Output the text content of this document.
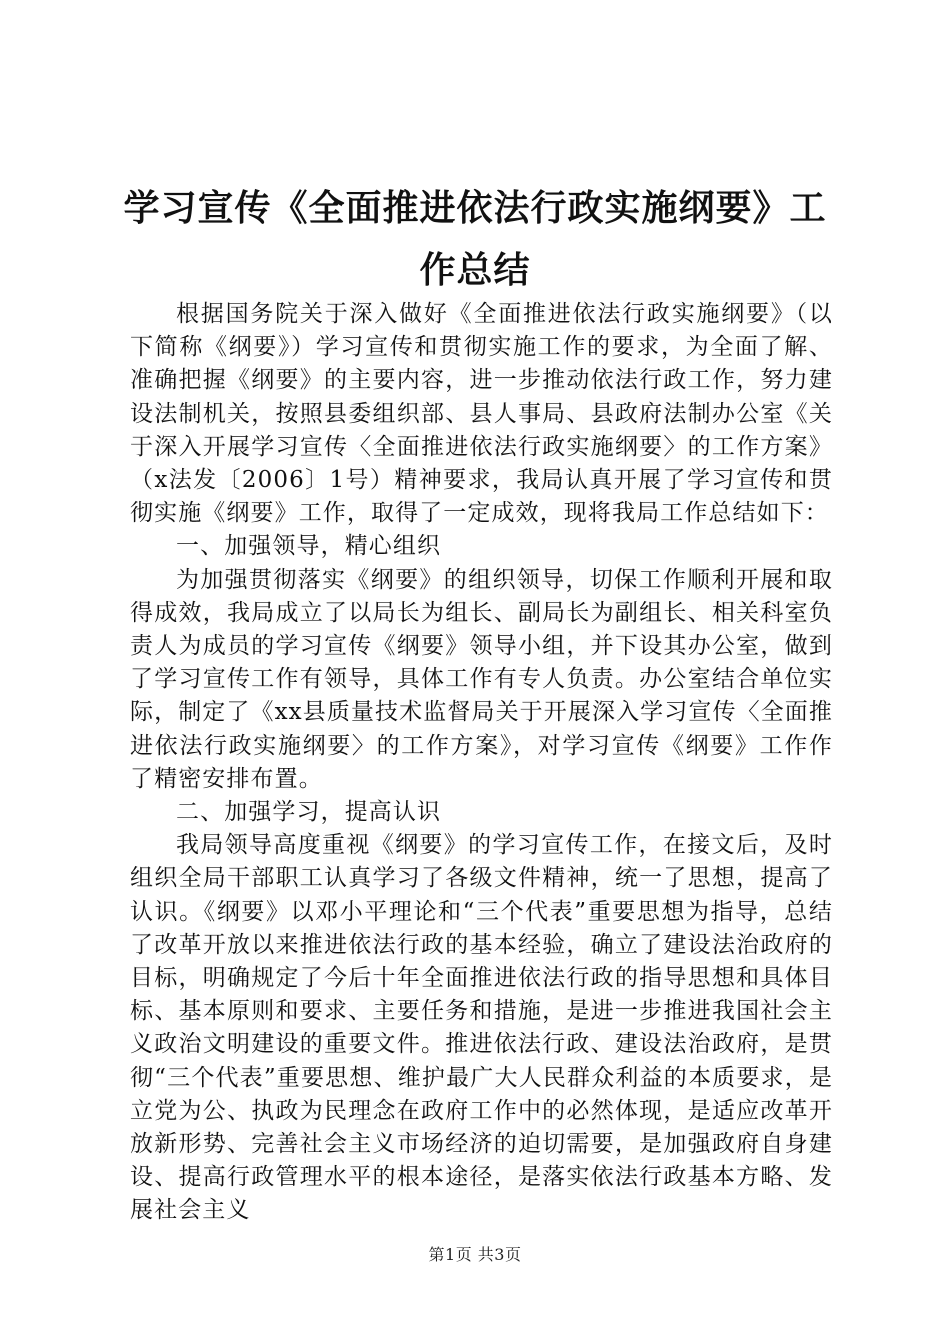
学习宣传《全面推进依法行政实施纲要》工作总结

根据国务院关于深入做好《全面推进依法行政实施纲要》（以下简称《纲要》）学习宣传和贯彻实施工作的要求，为全面了解、准确把握《纲要》的主要内容，进一步推动依法行政工作，努力建设法制机关，按照县委组织部、县人事局、县政府法制办公室《关于深入开展学习宣传〈全面推进依法行政实施纲要〉的工作方案》（x法发〔2006〕1号）精神要求，我局认真开展了学习宣传和贯彻实施《纲要》工作，取得了一定成效，现将我局工作总结如下：

一、加强领导，精心组织

为加强贯彻落实《纲要》的组织领导，切保工作顺利开展和取得成效，我局成立了以局长为组长、副局长为副组长、相关科室负责人为成员的学习宣传《纲要》领导小组，并下设其办公室，做到了学习宣传工作有领导，具体工作有专人负责。办公室结合单位实际，制定了《xx县质量技术监督局关于开展深入学习宣传〈全面推进依法行政实施纲要〉的工作方案》，对学习宣传《纲要》工作作了精密安排布置。

二、加强学习，提高认识

我局领导高度重视《纲要》的学习宣传工作，在接文后，及时组织全局干部职工认真学习了各级文件精神，统一了思想，提高了认识。《纲要》以邓小平理论和“三个代表”重要思想为指导，总结了改革开放以来推进依法行政的基本经验，确立了建设法治政府的目标，明确规定了今后十年全面推进依法行政的指导思想和具体目标、基本原则和要求、主要任务和措施，是进一步推进我国社会主义政治文明建设的重要文件。推进依法行政、建设法治政府，是贯彻“三个代表”重要思想、维护最广大人民群众利益的本质要求，是立党为公、执政为民理念在政府工作中的必然体现，是适应改革开放新形势、完善社会主义市场经济的迫切需要，是加强政府自身建设、提高行政管理水平的根本途径，是落实依法行政基本方略、发展社会主义

第1页 共3页
